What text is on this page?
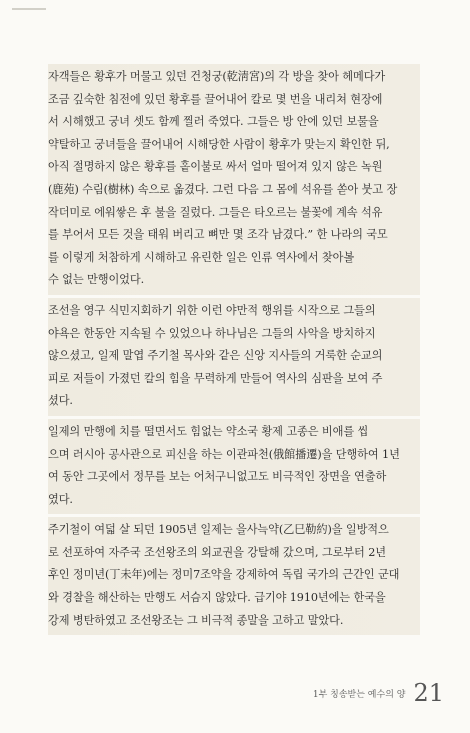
자객들은 황후가 머물고 있던 건청궁(乾淸宮)의 각 방을 찾아 헤메다가
조금 깊숙한 침전에 있던 황후를 끌어내어 칼로 몇 번을 내리쳐 현장에
서 시해했고 궁녀 셋도 함께 찔러 죽였다. 그들은 방 안에 있던 보물을
약탈하고 궁녀들을 끌어내어 시해당한 사람이 황후가 맞는지 확인한 뒤,
아직 절명하지 않은 황후를 홑이불로 싸서 얼마 떨어져 있지 않은 녹원
(鹿苑) 수림(樹林) 속으로 옮겼다. 그런 다음 그 몸에 석유를 쏟아 붓고 장
작더미로 에워쌓은 후 불을 질렀다. 그들은 타오르는 불꽃에 계속 석유
를 부어서 모든 것을 태워 버리고 뼈만 몇 조각 남겼다.” 한 나라의 국모
를 이렇게 처참하게 시해하고 유린한 일은 인류 역사에서 찾아볼
수 없는 만행이었다.
조선을 영구 식민지회하기 위한 이런 야만적 행위를 시작으로 그들의
야욕은 한동안 지속될 수 있었으나 하나님은 그들의 사악을 방치하지
않으셨고, 일제 말엽 주기철 목사와 같은 신앙 지사들의 거룩한 순교의
피로 저들이 가졌던 칼의 힘을 무력하게 만들어 역사의 심판을 보여 주
셨다.
일제의 만행에 치를 떨면서도 힘없는 약소국 황제 고종은 비애를 씹
으며 러시아 공사관으로 피신을 하는 이관파천(俄館播遷)을 단행하여 1년
여 동안 그곳에서 정무를 보는 어처구니없고도 비극적인 장면을 연출하
였다.
주기철이 여덟 살 되던 1905년 일제는 을사늑약(乙巳勒約)을 일방적으
로 선포하여 자주국 조선왕조의 외교권을 강탈해 갔으며, 그로부터 2년
후인 정미년(丁未年)에는 정미7조약을 강제하여 독립 국가의 근간인 군대
와 경찰을 해산하는 만행도 서슴지 않았다. 급기야 1910년에는 한국을
강제 병탄하였고 조선왕조는 그 비극적 종말을 고하고 말았다.
1부 칭송받는 예수의 양 21
